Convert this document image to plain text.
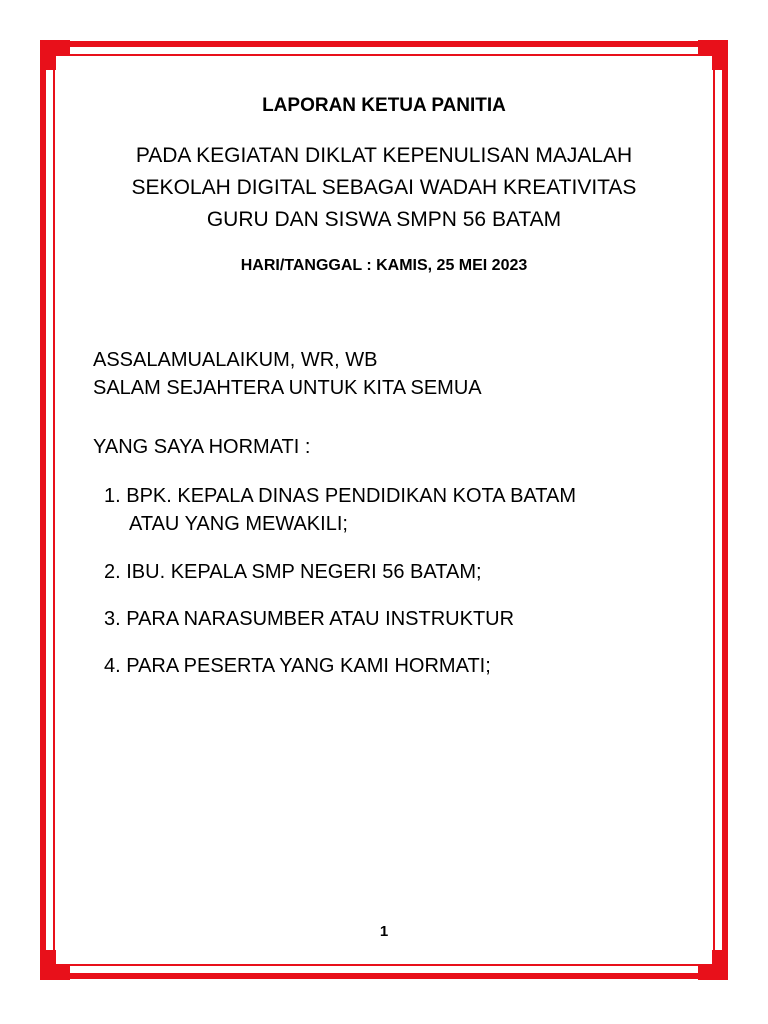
LAPORAN KETUA PANITIA
PADA KEGIATAN DIKLAT KEPENULISAN MAJALAH
SEKOLAH DIGITAL SEBAGAI WADAH KREATIVITAS
GURU DAN SISWA SMPN 56 BATAM
HARI/TANGGAL : KAMIS, 25 MEI 2023
ASSALAMUALAIKUM, WR, WB
SALAM SEJAHTERA UNTUK KITA SEMUA
YANG SAYA HORMATI :
1. BPK. KEPALA DINAS PENDIDIKAN KOTA BATAM
ATAU YANG MEWAKILI;
2. IBU. KEPALA SMP NEGERI 56 BATAM;
3. PARA NARASUMBER ATAU INSTRUKTUR
4. PARA PESERTA YANG KAMI HORMATI;
1
